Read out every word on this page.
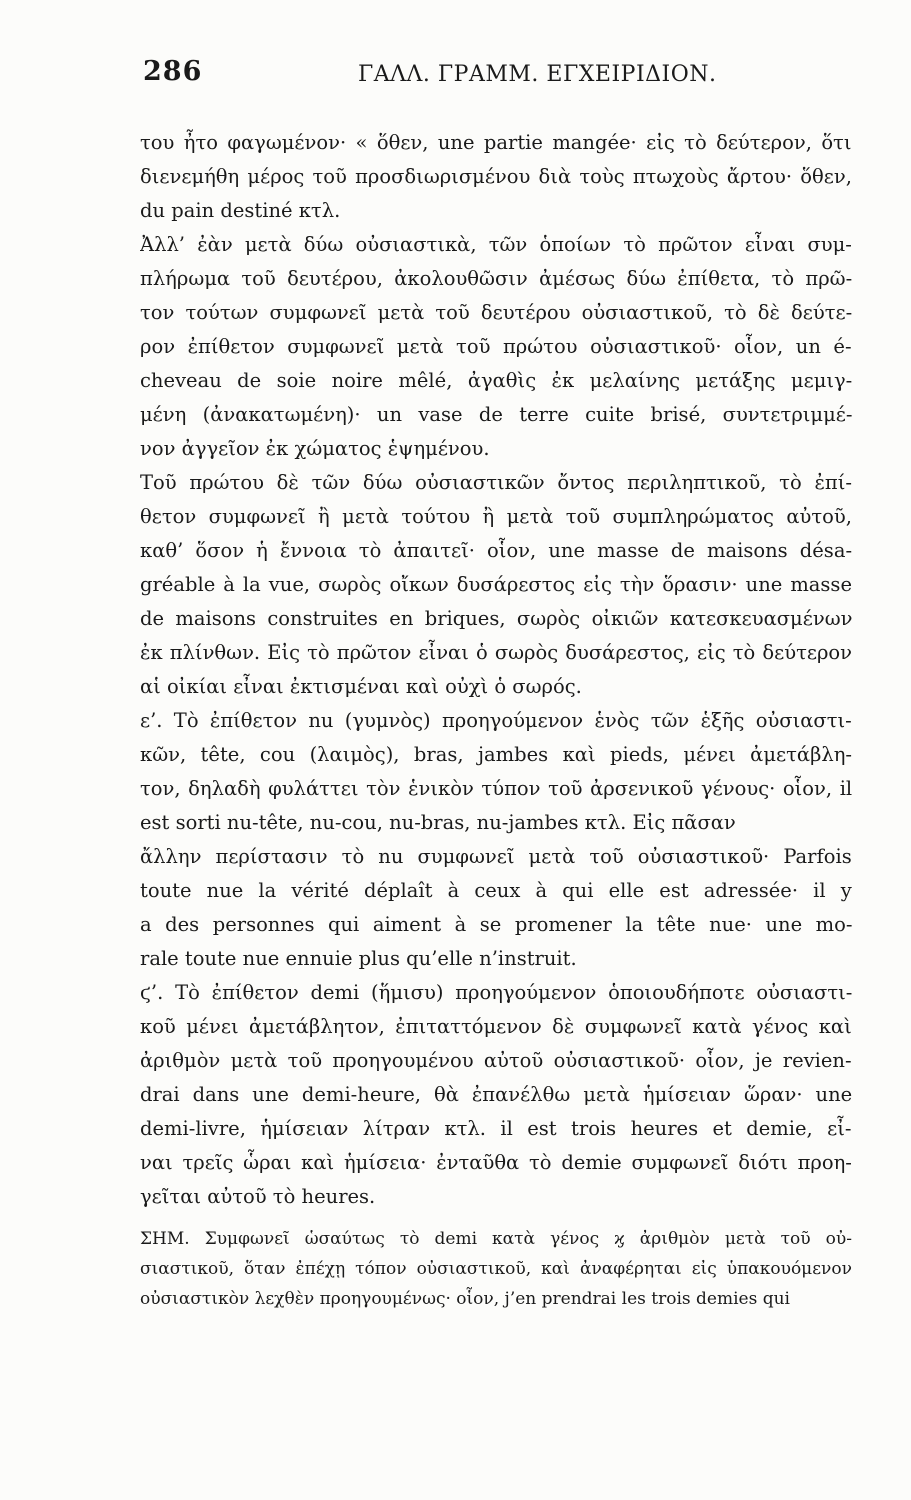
286	ΓΑΛΛ. ΓΡΑΜΜ. ΕΓΧΕΙΡΙΔΙΟΝ.
του ἦτο φαγωμένον· « ὅθεν, une partie mangée· εἰς τὸ δεύτερον, ὅτι
διενεμήθη μέρος τοῦ προσδιωρισμένου διὰ τοὺς πτωχοὺς ἄρτου· ὅθεν,
du pain destiné κτλ.
Ἀλλ’ ἐὰν μετὰ δύω οὐσιαστικὰ, τῶν ὁποίων τὸ πρῶτον εἶναι συμ-
πλήρωμα τοῦ δευτέρου, ἀκολουθῶσιν ἀμέσως δύω ἐπίθετα, τὸ πρῶ-
τον τούτων συμφωνεῖ μετὰ τοῦ δευτέρου οὐσιαστικοῦ, τὸ δὲ δεύτε-
ρον ἐπίθετον συμφωνεῖ μετὰ τοῦ πρώτου οὐσιαστικοῦ· οἷον, un é-
cheveau de soie noire mêlé, ἀγαθὶς ἐκ μελαίνης μετάξης μεμιγ-
μένη (ἀνακατωμένη)· un vase de terre cuite brisé, συντετριμμέ-
νον ἀγγεῖον ἐκ χώματος ἑψημένου.
Τοῦ πρώτου δὲ τῶν δύω οὐσιαστικῶν ὄντος περιληπτικοῦ, τὸ ἐπί-
θετον συμφωνεῖ ἢ μετὰ τούτου ἢ μετὰ τοῦ συμπληρώματος αὐτοῦ,
καθ’ ὅσον ἡ ἔννοια τὸ ἀπαιτεῖ· οἷον, une masse de maisons désa-
gréable à la vue, σωρὸς οἴκων δυσάρεστος εἰς τὴν ὅρασιν· une masse
de maisons construites en briques, σωρὸς οἰκιῶν κατεσκευασμένων
ἐκ πλίνθων. Εἰς τὸ πρῶτον εἶναι ὁ σωρὸς δυσάρεστος, εἰς τὸ δεύτερον
αἱ οἰκίαι εἶναι ἐκτισμέναι καὶ οὐχὶ ὁ σωρός.
ε’. Τὸ ἐπίθετον nu (γυμνὸς) προηγούμενον ἑνὸς τῶν ἑξῆς οὐσιαστι-
κῶν, tête, cou (λαιμὸς), bras, jambes καὶ pieds, μένει ἀμετάβλη-
τον, δηλαδὴ φυλάττει τὸν ἑνικὸν τύπον τοῦ ἀρσενικοῦ γένους· οἷον, il
est sorti nu-tête, nu-cou, nu-bras, nu-jambes κτλ. Εἰς πᾶσαν
ἄλλην περίστασιν τὸ nu συμφωνεῖ μετὰ τοῦ οὐσιαστικοῦ· Parfois
toute nue la vérité déplaît à ceux à qui elle est adressée· il y
a des personnes qui aiment à se promener la tête nue· une mo-
rale toute nue ennuie plus qu’elle n’instruit.
ϛ’. Τὸ ἐπίθετον demi (ἥμισυ) προηγούμενον ὁποιουδήποτε οὐσιαστι-
κοῦ μένει ἀμετάβλητον, ἐπιταττόμενον δὲ συμφωνεῖ κατὰ γένος καὶ
ἀριθμὸν μετὰ τοῦ προηγουμένου αὐτοῦ οὐσιαστικοῦ· οἷον, je revien-
drai dans une demi-heure, θὰ ἐπανέλθω μετὰ ἡμίσειαν ὥραν· une
demi-livre, ἡμίσειαν λίτραν κτλ. il est trois heures et demie, εἶ-
ναι τρεῖς ὧραι καὶ ἡμίσεια· ἐνταῦθα τὸ demie συμφωνεῖ διότι προη-
γεῖται αὐτοῦ τὸ heures.
ΣΗΜ. Συμφωνεῖ ὡσαύτως τὸ demi κατὰ γένος ϗ ἀριθμὸν μετὰ τοῦ οὐ-
σιαστικοῦ, ὅταν ἐπέχῃ τόπον οὐσιαστικοῦ, καὶ ἀναφέρηται εἰς ὑπακουόμενον
οὐσιαστικὸν λεχθὲν προηγουμένως· οἷον, j’en prendrai les trois demies qui
